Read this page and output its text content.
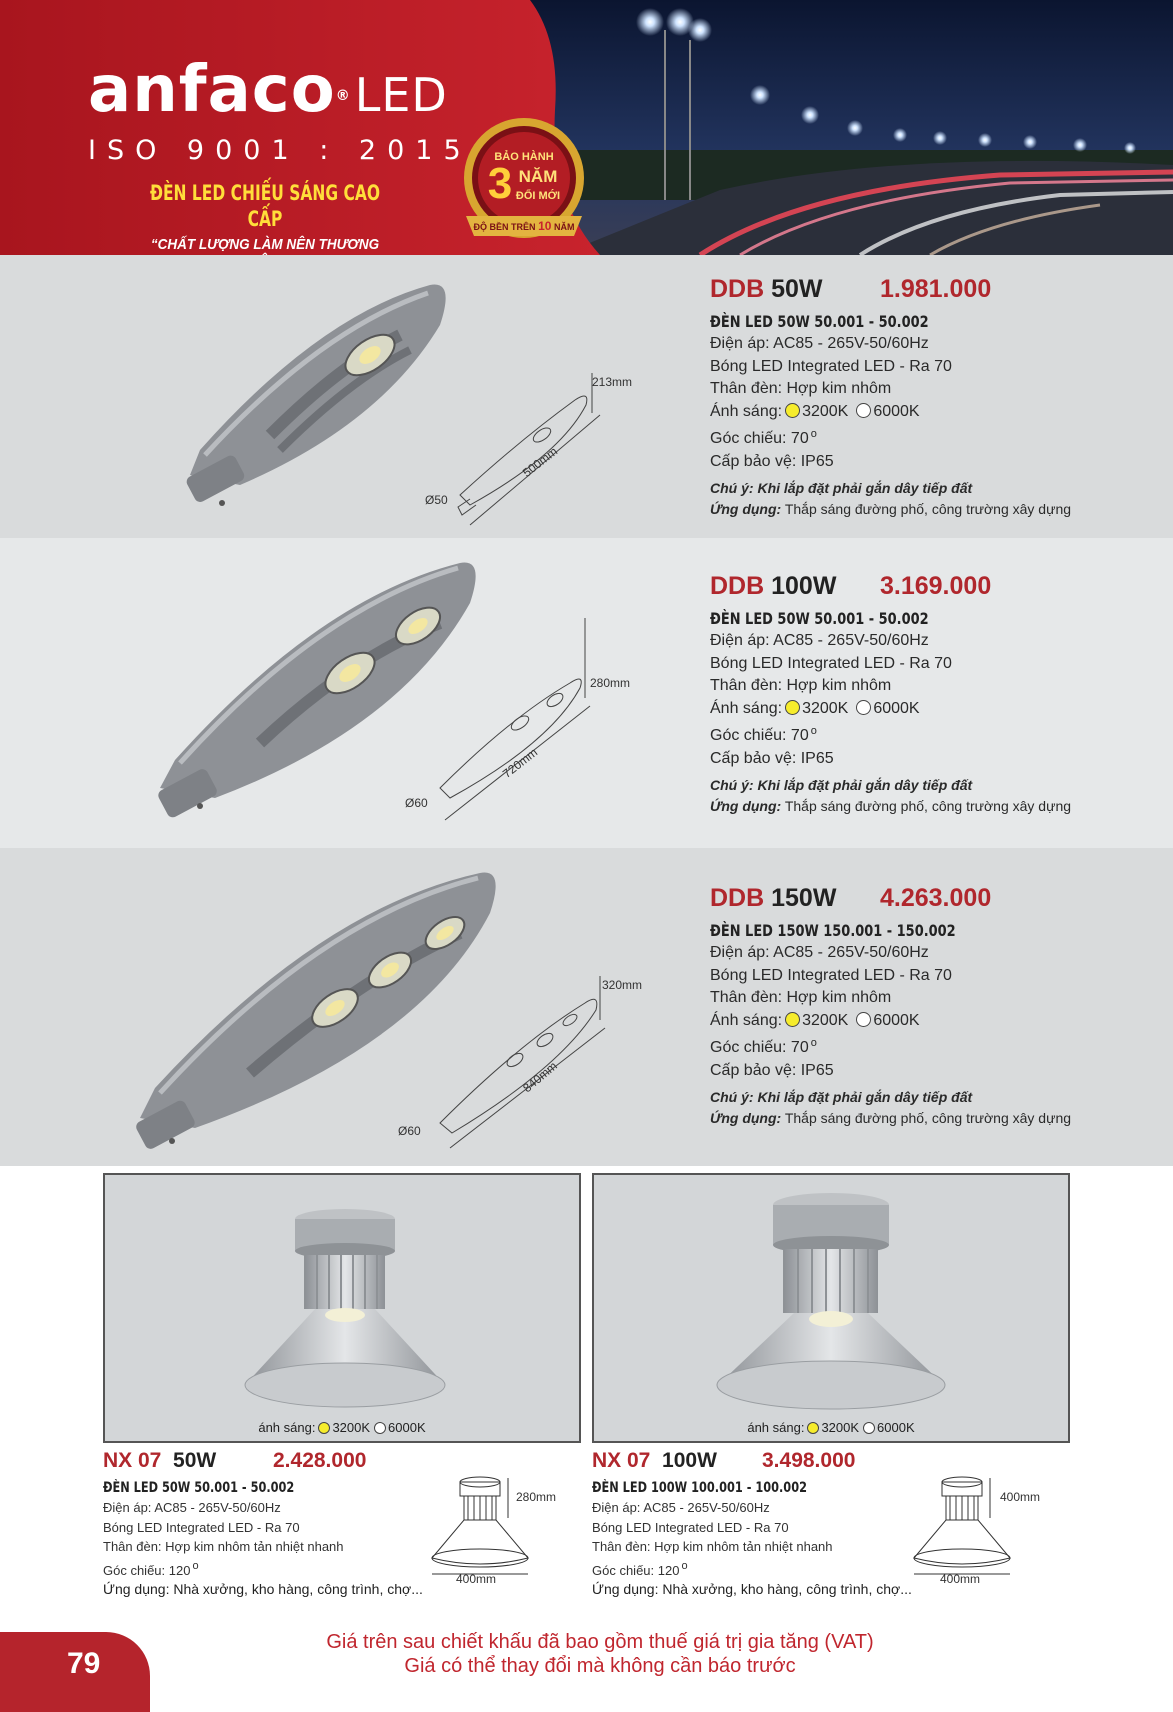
anfaco®LED
ISO 9001 : 2015
ĐÈN LED CHIẾU SÁNG CAO CẤP
“CHẤT LƯỢNG LÀM NÊN THƯƠNG
BẢO HÀNH
3 NĂM
ĐỔI MỚI
ĐỘ BỀN TRÊN 10 NĂM
213mm
500mm
Ø50
DDB 50W 1.981.000
ĐÈN LED 50W 50.001 - 50.002
Điện áp: AC85 - 265V-50/60Hz
Bóng LED Integrated LED - Ra 70
Thân đèn: Hợp kim nhôm
Ánh sáng: 3200K 6000K
Góc chiếu: 70 $^o$
Cấp bảo vệ: IP65
Chú ý: Khi lắp đặt phải gắn dây tiếp đất
Ứng dụng: Thắp sáng đường phố, công trường xây dựng
280mm
720mm
Ø60
DDB 100W 3.169.000
ĐÈN LED 50W 50.001 - 50.002
Điện áp: AC85 - 265V-50/60Hz
Bóng LED Integrated LED - Ra 70
Thân đèn: Hợp kim nhôm
Ánh sáng: 3200K 6000K
Góc chiếu: 70 $^o$
Cấp bảo vệ: IP65
Chú ý: Khi lắp đặt phải gắn dây tiếp đất
Ứng dụng: Thắp sáng đường phố, công trường xây dựng
320mm
840mm
Ø60
DDB 150W 4.263.000
ĐÈN LED 150W 150.001 - 150.002
Điện áp: AC85 - 265V-50/60Hz
Bóng LED Integrated LED - Ra 70
Thân đèn: Hợp kim nhôm
Ánh sáng: 3200K 6000K
Góc chiếu: 70 $^o$
Cấp bảo vệ: IP65
Chú ý: Khi lắp đặt phải gắn dây tiếp đất
Ứng dụng: Thắp sáng đường phố, công trường xây dựng
ánh sáng: 3200K 6000K	ánh sáng: 3200K 6000K
NX 07 50W	2.428.000
ĐÈN LED 50W 50.001 - 50.002
Điện áp: AC85 - 265V-50/60Hz
Bóng LED Integrated LED - Ra 70
Thân đèn: Hợp kim nhôm tản nhiệt nhanh
Góc chiếu: 120 $^o$
Ứng dụng: Nhà xưởng, kho hàng, công trình, chợ...
NX 07 100W 3.498.000
ĐÈN LED 100W 100.001 - 100.002
Điện áp: AC85 - 265V-50/60Hz
Bóng LED Integrated LED - Ra 70
Thân đèn: Hợp kim nhôm tản nhiệt nhanh
Góc chiếu: 120 $^o$
Ứng dụng: Nhà xưởng, kho hàng, công trình, chợ...
280mm
400mm
400mm
400mm
79
Giá trên sau chiết khấu đã bao gồm thuế giá trị gia tăng (VAT)
Giá có thể thay đổi mà không cần báo trước
